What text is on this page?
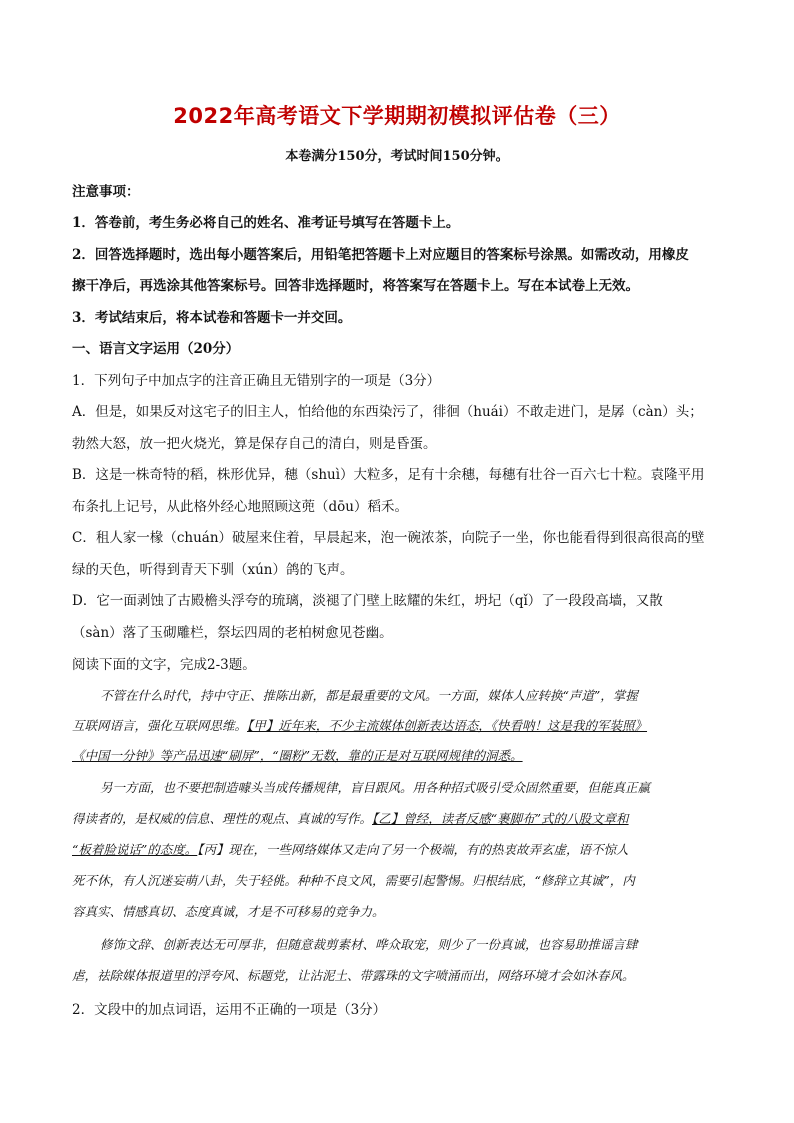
2022年高考语文下学期期初模拟评估卷（三）
本卷满分150分，考试时间150分钟。
注意事项：
1．答卷前，考生务必将自己的姓名、准考证号填写在答题卡上。
2．回答选择题时，选出每小题答案后，用铅笔把答题卡上对应题目的答案标号涂黑。如需改动，用橡皮
擦干净后，再选涂其他答案标号。回答非选择题时，将答案写在答题卡上。写在本试卷上无效。
3．考试结束后，将本试卷和答题卡一并交回。
一、语言文字运用（20分）
1．下列句子中加点字的注音正确且无错别字的一项是（3分）
A．但是，如果反对这宅子的旧主人，怕给他的东西染污了，徘徊（huái）不敢走进门，是孱（càn）头；
勃然大怒，放一把火烧光，算是保存自己的清白，则是昏蛋。
B．这是一株奇特的稻，株形优异，穗（shuì）大粒多，足有十余穗，每穗有壮谷一百六七十粒。袁隆平用
布条扎上记号，从此格外经心地照顾这蔸（dōu）稻禾。
C．租人家一椽（chuán）破屋来住着，早晨起来，泡一碗浓茶，向院子一坐，你也能看得到很高很高的壁
绿的天色，听得到青天下驯（xún）鸽的飞声。
D．它一面剥蚀了古殿檐头浮夸的琉璃，淡褪了门壁上眩耀的朱红，坍圮（qǐ）了一段段高墙，又散
（sàn）落了玉砌雕栏，祭坛四周的老柏树愈见苍幽。
阅读下面的文字，完成2-3题。
不管在什么时代，持中守正、推陈出新，都是最重要的文风。一方面，媒体人应转换“声道”，掌握
互联网语言，强化互联网思维。【甲】近年来，不少主流媒体创新表达语态，《快看呐！这是我的军装照》
《中国一分钟》等产品迅速“刷屏”，“圈粉”无数，靠的正是对互联网规律的洞悉。
另一方面，也不要把制造噱头当成传播规律，盲目跟风。用各种招式吸引受众固然重要，但能真正赢
得读者的，是权威的信息、理性的观点、真诚的写作。【乙】曾经，读者反感“裹脚布”式的八股文章和
“板着脸说话”的态度。【丙】现在，一些网络媒体又走向了另一个极端，有的热衷故弄玄虚，语不惊人
死不休，有人沉迷妄萌八卦，失于轻佻。种种不良文风，需要引起警惕。归根结底，“修辞立其诚”，内
容真实、情感真切、态度真诚，才是不可移易的竞争力。
修饰文辞、创新表达无可厚非，但随意裁剪素材、哗众取宠，则少了一份真诚，也容易助推谣言肆
虐，祛除媒体报道里的浮夸风、标题党，让沾泥土、带露珠的文字喷涌而出，网络环境才会如沐春风。
2．文段中的加点词语，运用不正确的一项是（3分）
